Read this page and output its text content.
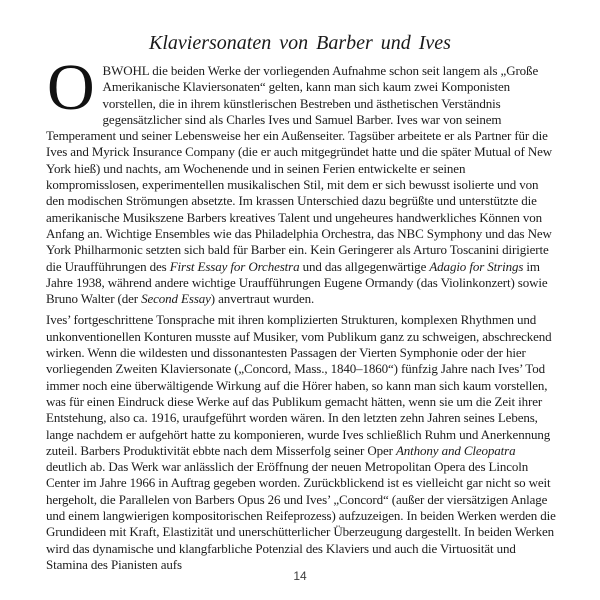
Klaviersonaten von Barber und Ives

OBWOHL die beiden Werke der vorliegenden Aufnahme schon seit langem als „Große Amerikanische Klaviersonaten“ gelten, kann man sich kaum zwei Komponisten vorstellen, die in ihrem künstlerischen Bestreben und ästhetischen Verständnis gegensätzlicher sind als Charles Ives und Samuel Barber. Ives war von seinem Temperament und seiner Lebensweise her ein Außenseiter. Tagsüber arbeitete er als Partner für die Ives and Myrick Insurance Company (die er auch mitgegründet hatte und die später Mutual of New York hieß) und nachts, am Wochenende und in seinen Ferien entwickelte er seinen kompromisslosen, experimentellen musikalischen Stil, mit dem er sich bewusst isolierte und von den modischen Strömungen absetzte. Im krassen Unterschied dazu begrüßte und unterstützte die amerikanische Musikszene Barbers kreatives Talent und ungeheures handwerkliches Können von Anfang an. Wichtige Ensembles wie das Philadelphia Orchestra, das NBC Symphony und das New York Philharmonic setzten sich bald für Barber ein. Kein Geringerer als Arturo Toscanini dirigierte die Uraufführungen des First Essay for Orchestra und das allgegenwärtige Adagio for Strings im Jahre 1938, während andere wichtige Uraufführungen Eugene Ormandy (das Violinkonzert) sowie Bruno Walter (der Second Essay) anvertraut wurden.

Ives’ fortgeschrittene Tonsprache mit ihren komplizierten Strukturen, komplexen Rhythmen und unkonventionellen Konturen musste auf Musiker, vom Publikum ganz zu schweigen, abschreckend wirken. Wenn die wildesten und dissonantesten Passagen der Vierten Symphonie oder der hier vorliegenden Zweiten Klaviersonate („Concord, Mass., 1840–1860“) fünfzig Jahre nach Ives’ Tod immer noch eine überwältigende Wirkung auf die Hörer haben, so kann man sich kaum vorstellen, was für einen Eindruck diese Werke auf das Publikum gemacht hätten, wenn sie um die Zeit ihrer Entstehung, also ca. 1916, uraufgeführt worden wären. In den letzten zehn Jahren seines Lebens, lange nachdem er aufgehört hatte zu komponieren, wurde Ives schließlich Ruhm und Anerkennung zuteil. Barbers Produktivität ebbte nach dem Misserfolg seiner Oper Anthony and Cleopatra deutlich ab. Das Werk war anlässlich der Eröffnung der neuen Metropolitan Opera des Lincoln Center im Jahre 1966 in Auftrag gegeben worden. Zurückblickend ist es vielleicht gar nicht so weit hergeholt, die Parallelen von Barbers Opus 26 und Ives’ „Concord“ (außer der viersätzigen Anlage und einem langwierigen kompositorischen Reifeprozess) aufzuzeigen. In beiden Werken werden die Grundideen mit Kraft, Elastizität und unerschütterlicher Überzeugung dargestellt. In beiden Werken wird das dynamische und klangfarbliche Potenzial des Klaviers und auch die Virtuosität und Stamina des Pianisten aufs

14
